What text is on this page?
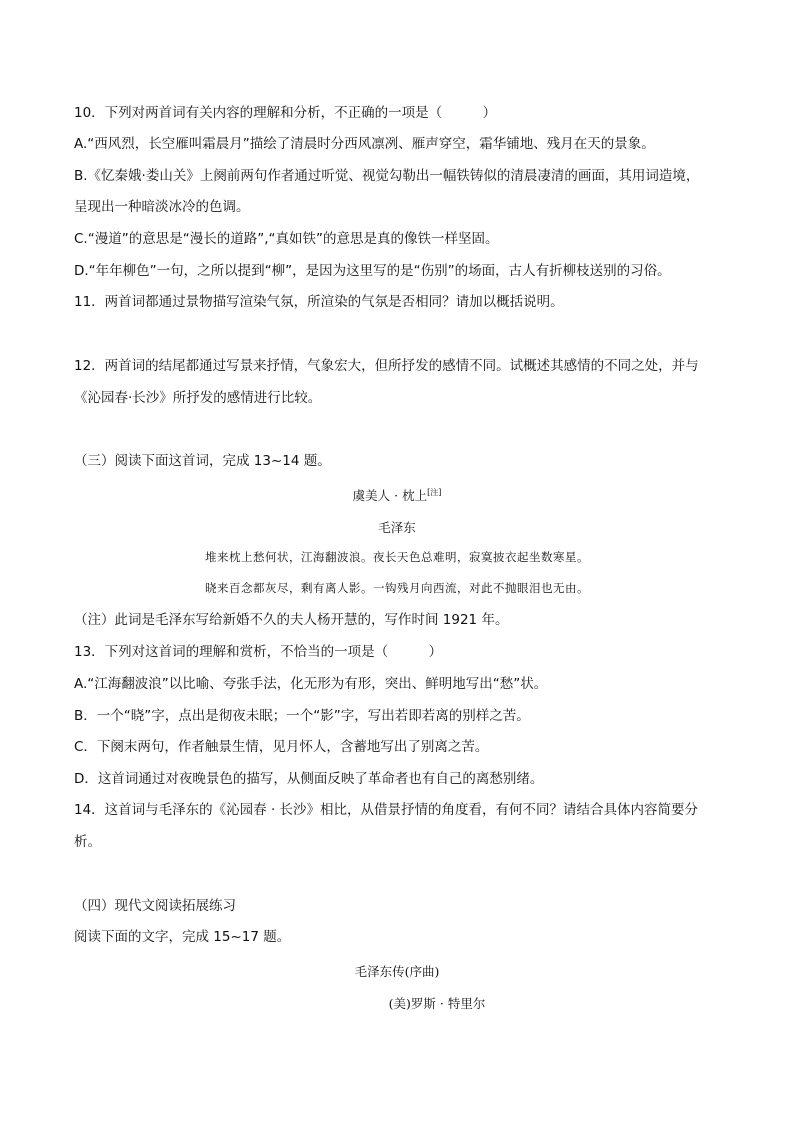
10．下列对两首词有关内容的理解和分析，不正确的一项是（　　　）
A.“西风烈，长空雁叫霜晨月”描绘了清晨时分西风凛冽、雁声穿空，霜华铺地、残月在天的景象。
B.《忆秦娥·娄山关》上阕前两句作者通过听觉、视觉勾勒出一幅铁铸似的清晨凄清的画面，其用词造境，
呈现出一种暗淡冰冷的色调。
C.“漫道”的意思是“漫长的道路”,“真如铁”的意思是真的像铁一样坚固。
D.“年年柳色”一句，之所以提到“柳”，是因为这里写的是“伤别”的场面，古人有折柳枝送别的习俗。
11．两首词都通过景物描写渲染气氛，所渲染的气氛是否相同？请加以概括说明。
12．两首词的结尾都通过写景来抒情，气象宏大，但所抒发的感情不同。试概述其感情的不同之处，并与
《沁园春·长沙》所抒发的感情进行比较。
（三）阅读下面这首词，完成 13~14 题。
虞美人 · 枕上[注]
毛泽东
堆来枕上愁何状，江海翻波浪。夜长天色总难明，寂寞披衣起坐数寒星。
晓来百念都灰尽，剩有离人影。一钩残月向西流，对此不抛眼泪也无由。
（注）此词是毛泽东写给新婚不久的夫人杨开慧的，写作时间 1921 年。
13．下列对这首词的理解和赏析，不恰当的一项是（　　　）
A.“江海翻波浪”以比喻、夸张手法，化无形为有形，突出、鲜明地写出“愁”状。
B．一个“晓”字，点出是彻夜未眠；一个“影”字，写出若即若离的别样之苦。
C．下阕末两句，作者触景生情，见月怀人，含蓄地写出了别离之苦。
D．这首词通过对夜晚景色的描写，从侧面反映了革命者也有自己的离愁别绪。
14．这首词与毛泽东的《沁园春 · 长沙》相比，从借景抒情的角度看，有何不同？请结合具体内容简要分
析。
（四）现代文阅读拓展练习
阅读下面的文字，完成 15~17 题。
毛泽东传(序曲)
(美)罗斯 · 特里尔
